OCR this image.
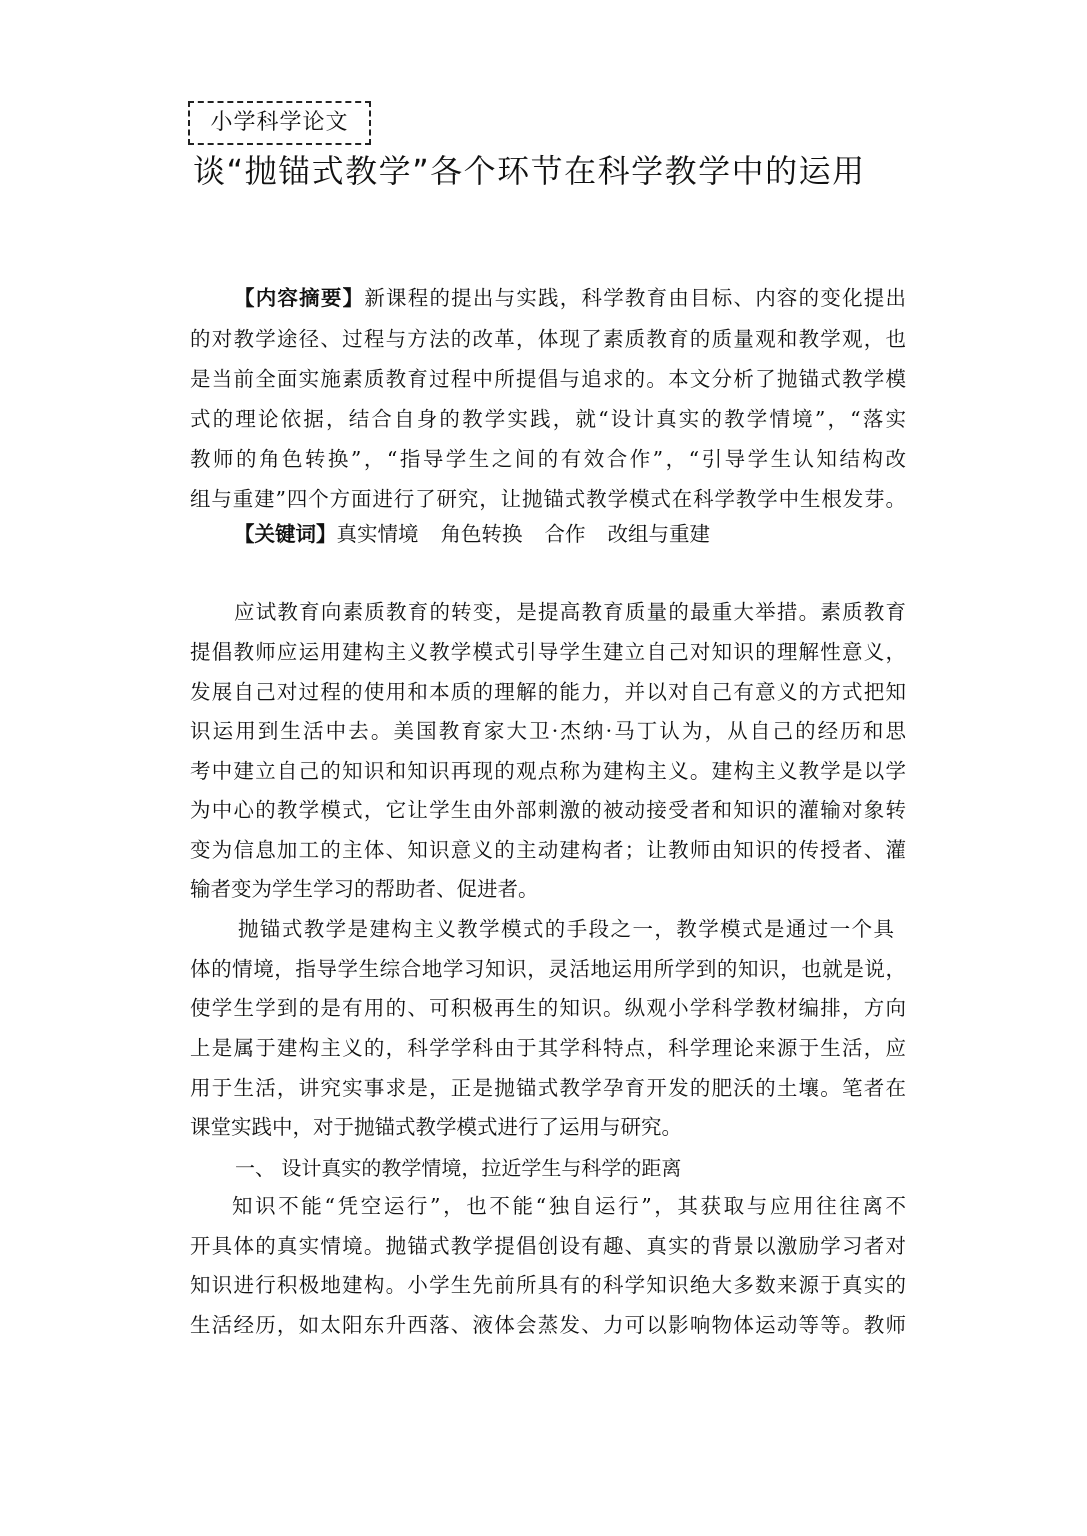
小学科学论文
谈“抛锚式教学”各个环节在科学教学中的运用
【内容摘要】新课程的提出与实践，科学教育由目标、内容的变化提出
的对教学途径、过程与方法的改革，体现了素质教育的质量观和教学观，也
是当前全面实施素质教育过程中所提倡与追求的。本文分析了抛锚式教学模
式的理论依据，结合自身的教学实践，就“设计真实的教学情境”，“落实
教师的角色转换”，“指导学生之间的有效合作”，“引导学生认知结构改
组与重建”四个方面进行了研究，让抛锚式教学模式在科学教学中生根发芽。
【关键词】真实情境 角色转换 合作 改组与重建
应试教育向素质教育的转变，是提高教育质量的最重大举措。素质教育
提倡教师应运用建构主义教学模式引导学生建立自己对知识的理解性意义，
发展自己对过程的使用和本质的理解的能力，并以对自己有意义的方式把知
识运用到生活中去。美国教育家大卫·杰纳·马丁认为，从自己的经历和思
考中建立自己的知识和知识再现的观点称为建构主义。建构主义教学是以学
为中心的教学模式，它让学生由外部刺激的被动接受者和知识的灌输对象转
变为信息加工的主体、知识意义的主动建构者；让教师由知识的传授者、灌
输者变为学生学习的帮助者、促进者。
抛锚式教学是建构主义教学模式的手段之一，教学模式是通过一个具
体的情境，指导学生综合地学习知识，灵活地运用所学到的知识，也就是说，
使学生学到的是有用的、可积极再生的知识。纵观小学科学教材编排，方向
上是属于建构主义的，科学学科由于其学科特点，科学理论来源于生活，应
用于生活，讲究实事求是，正是抛锚式教学孕育开发的肥沃的土壤。笔者在
课堂实践中，对于抛锚式教学模式进行了运用与研究。
一、 设计真实的教学情境，拉近学生与科学的距离
知识不能“凭空运行”，也不能“独自运行”，其获取与应用往往离不
开具体的真实情境。抛锚式教学提倡创设有趣、真实的背景以激励学习者对
知识进行积极地建构。小学生先前所具有的科学知识绝大多数来源于真实的
生活经历，如太阳东升西落、液体会蒸发、力可以影响物体运动等等。教师
